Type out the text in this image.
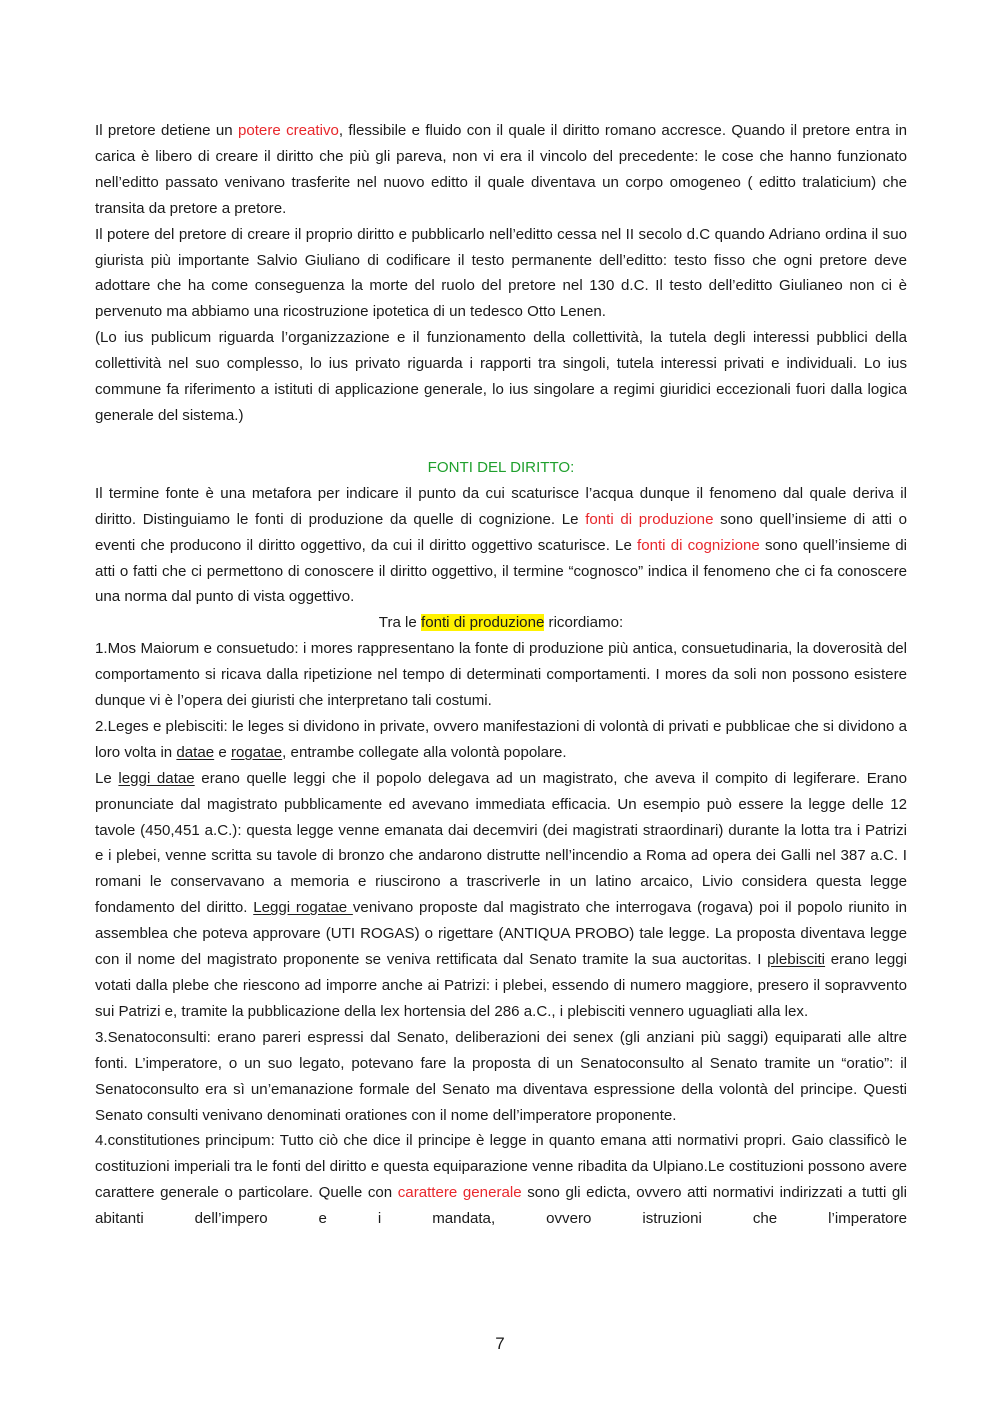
Il pretore detiene un potere creativo, flessibile e fluido con il quale il diritto romano accresce. Quando il pretore entra in carica è libero di creare il diritto che più gli pareva, non vi era il vincolo del precedente: le cose che hanno funzionato nell’editto passato venivano trasferite nel nuovo editto il quale diventava un corpo omogeneo ( editto tralaticium) che transita da pretore a pretore.

Il potere del pretore di creare il proprio diritto e pubblicarlo nell’editto cessa nel II secolo d.C quando Adriano ordina il suo giurista più importante Salvio Giuliano di codificare il testo permanente dell’editto: testo fisso che ogni pretore deve adottare che ha come conseguenza la morte del ruolo del pretore nel 130 d.C. Il testo dell’editto Giulianeo non ci è pervenuto ma abbiamo una ricostruzione ipotetica di un tedesco Otto Lenen.

(Lo ius publicum riguarda l’organizzazione e il funzionamento della collettività, la tutela degli interessi pubblici della collettività nel suo complesso, lo ius privato riguarda i rapporti tra singoli, tutela interessi privati e individuali. Lo ius commune fa riferimento a istituti di applicazione generale, lo ius singolare a regimi giuridici eccezionali fuori dalla logica generale del sistema.)

FONTI DEL DIRITTO:

Il termine fonte è una metafora per indicare il punto da cui scaturisce l’acqua dunque il fenomeno dal quale deriva il diritto. Distinguiamo le fonti di produzione da quelle di cognizione. Le fonti di produzione sono quell’insieme di atti o eventi che producono il diritto oggettivo, da cui il diritto oggettivo scaturisce. Le fonti di cognizione sono quell’insieme di atti o fatti che ci permettono di conoscere il diritto oggettivo, il termine “cognosco” indica il fenomeno che ci fa conoscere una norma dal punto di vista oggettivo.

Tra le fonti di produzione ricordiamo:

1.Mos Maiorum e consuetudo: i mores rappresentano la fonte di produzione più antica, consuetudinaria, la doverosità del comportamento si ricava dalla ripetizione nel tempo di determinati comportamenti. I mores da soli non possono esistere dunque vi è l’opera dei giuristi che interpretano tali costumi.

2.Leges e plebisciti: le leges si dividono in private, ovvero manifestazioni di volontà di privati e pubblicae che si dividono a loro volta in datae e rogatae, entrambe collegate alla volontà popolare.

Le leggi datae erano quelle leggi che il popolo delegava ad un magistrato, che aveva il compito di legiferare. Erano pronunciate dal magistrato pubblicamente ed avevano immediata efficacia. Un esempio può essere la legge delle 12 tavole (450,451 a.C.): questa legge venne emanata dai decemviri (dei magistrati straordinari) durante la lotta tra i Patrizi e i plebei, venne scritta su tavole di bronzo che andarono distrutte nell’incendio a Roma ad opera dei Galli nel 387 a.C. I romani le conservavano a memoria e riuscirono a trascriverle in un latino arcaico, Livio considera questa legge fondamento del diritto. Leggi rogatae venivano proposte dal magistrato che interrogava (rogava) poi il popolo riunito in assemblea che poteva approvare (UTI ROGAS) o rigettare (ANTIQUA PROBO) tale legge. La proposta diventava legge con il nome del magistrato proponente se veniva rettificata dal Senato tramite la sua auctoritas. I plebisciti erano leggi votati dalla plebe che riescono ad imporre anche ai Patrizi: i plebei, essendo di numero maggiore, presero il sopravvento sui Patrizi e, tramite la pubblicazione della lex hortensia del 286 a.C., i plebisciti vennero uguagliati alla lex.

3.Senatoconsulti: erano pareri espressi dal Senato, deliberazioni dei senex (gli anziani più saggi) equiparati alle altre fonti. L’imperatore, o un suo legato, potevano fare la proposta di un Senatoconsulto al Senato tramite un “oratio”: il Senatoconsulto era sì un’emanazione formale del Senato ma diventava espressione della volontà del principe. Questi Senato consulti venivano denominati orationes con il nome dell’imperatore proponente.

4.constitutiones principum: Tutto ciò che dice il principe è legge in quanto emana atti normativi propri. Gaio classificò le costituzioni imperiali tra le fonti del diritto e questa equiparazione venne ribadita da Ulpiano.Le costituzioni possono avere carattere generale o particolare. Quelle con carattere generale sono gli edicta, ovvero atti normativi indirizzati a tutti gli abitanti dell’impero e i mandata, ovvero istruzioni che l’imperatore

7
